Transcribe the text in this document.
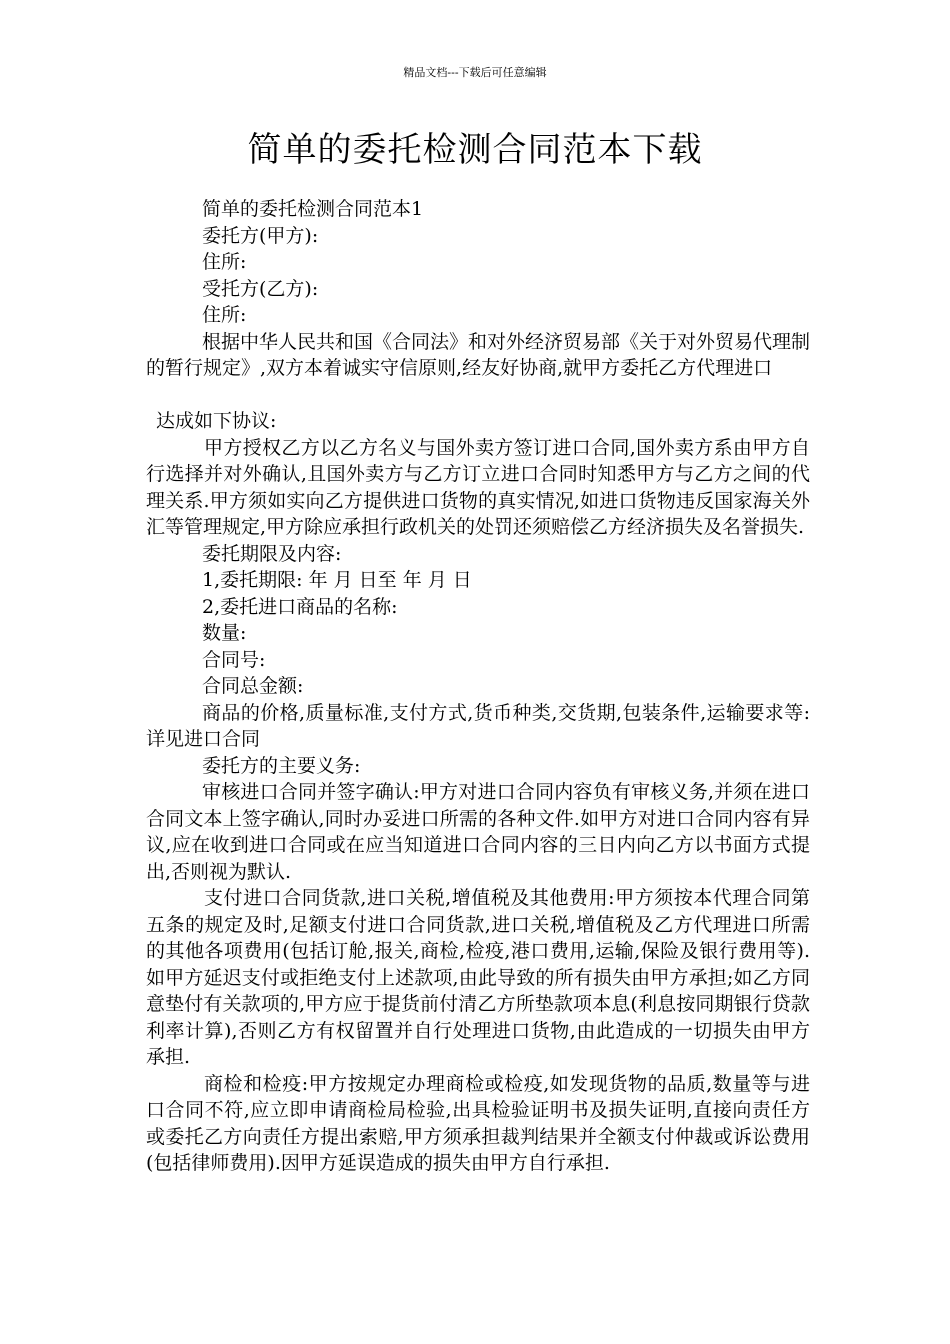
精品文档---下载后可任意编辑
简单的委托检测合同范本下载

简单的委托检测合同范本1

委托方(甲方):

住所:

受托方(乙方):

住所:

根据中华人民共和国《合同法》和对外经济贸易部《关于对外贸易代理制的暂行规定》,双方本着诚实守信原则,经友好协商,就甲方委托乙方代理进口

达成如下协议:

甲方授权乙方以乙方名义与国外卖方签订进口合同,国外卖方系由甲方自行选择并对外确认,且国外卖方与乙方订立进口合同时知悉甲方与乙方之间的代理关系.甲方须如实向乙方提供进口货物的真实情况,如进口货物违反国家海关外汇等管理规定,甲方除应承担行政机关的处罚还须赔偿乙方经济损失及名誉损失.

委托期限及内容:

1,委托期限: 年 月 日至 年 月 日

2,委托进口商品的名称:

数量:

合同号:

合同总金额:

商品的价格,质量标准,支付方式,货币种类,交货期,包装条件,运输要求等:详见进口合同

委托方的主要义务:

审核进口合同并签字确认:甲方对进口合同内容负有审核义务,并须在进口合同文本上签字确认,同时办妥进口所需的各种文件.如甲方对进口合同内容有异议,应在收到进口合同或在应当知道进口合同内容的三日内向乙方以书面方式提出,否则视为默认.

支付进口合同货款,进口关税,增值税及其他费用:甲方须按本代理合同第五条的规定及时,足额支付进口合同货款,进口关税,增值税及乙方代理进口所需的其他各项费用(包括订舱,报关,商检,检疫,港口费用,运输,保险及银行费用等).如甲方延迟支付或拒绝支付上述款项,由此导致的所有损失由甲方承担;如乙方同意垫付有关款项的,甲方应于提货前付清乙方所垫款项本息(利息按同期银行贷款利率计算),否则乙方有权留置并自行处理进口货物,由此造成的一切损失由甲方承担.

商检和检疫:甲方按规定办理商检或检疫,如发现货物的品质,数量等与进口合同不符,应立即申请商检局检验,出具检验证明书及损失证明,直接向责任方或委托乙方向责任方提出索赔,甲方须承担裁判结果并全额支付仲裁或诉讼费用(包括律师费用).因甲方延误造成的损失由甲方自行承担.
